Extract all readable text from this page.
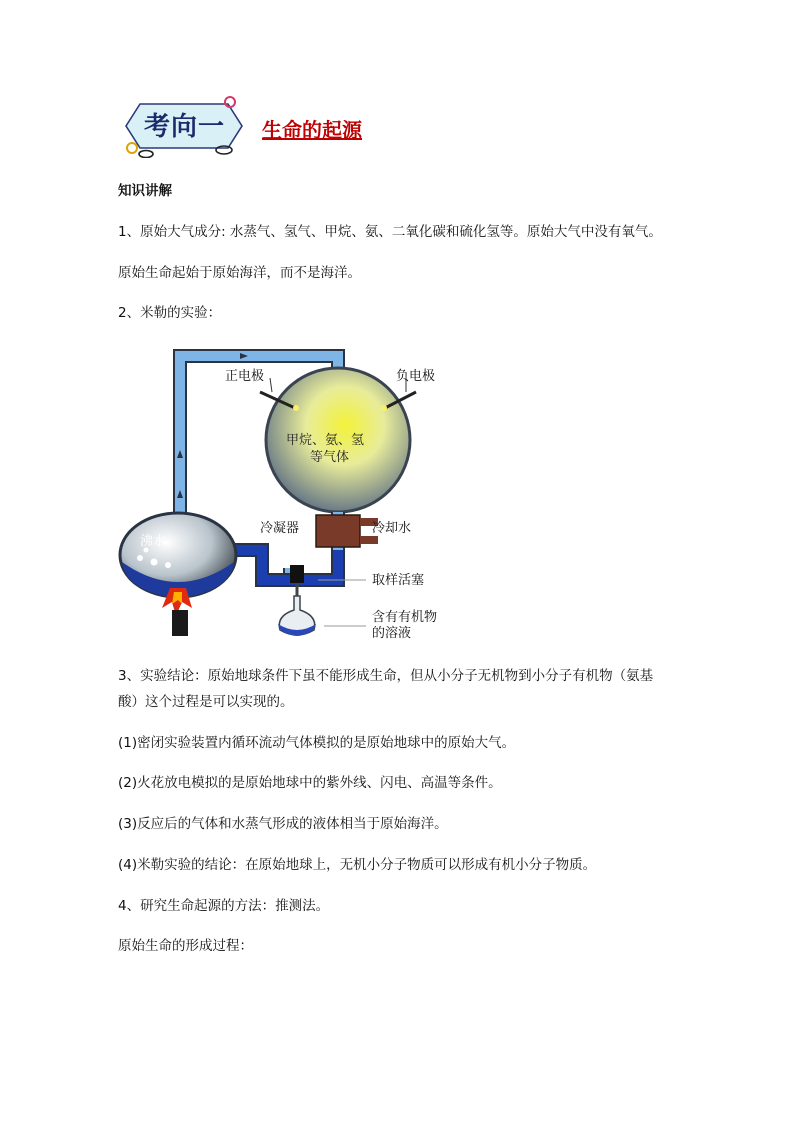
考向一 生命的起源
知识讲解
1、原始大气成分: 水蒸气、氢气、甲烷、氨、二氧化碳和硫化氢等。原始大气中没有氧气。
原始生命起始于原始海洋，而不是海洋。
2、米勒的实验：
正电极	负电极
甲烷、氨、氢
等气体
冷凝器	冷却水
沸水
取样活塞
含有有机物
的溶液
3、实验结论：原始地球条件下虽不能形成生命，但从小分子无机物到小分子有机物（氨基
酸）这个过程是可以实现的。
(1)密闭实验装置内循环流动气体模拟的是原始地球中的原始大气。
(2)火花放电模拟的是原始地球中的紫外线、闪电、高温等条件。
(3)反应后的气体和水蒸气形成的液体相当于原始海洋。
(4)米勒实验的结论：在原始地球上，无机小分子物质可以形成有机小分子物质。
4、研究生命起源的方法：推测法。
原始生命的形成过程：
